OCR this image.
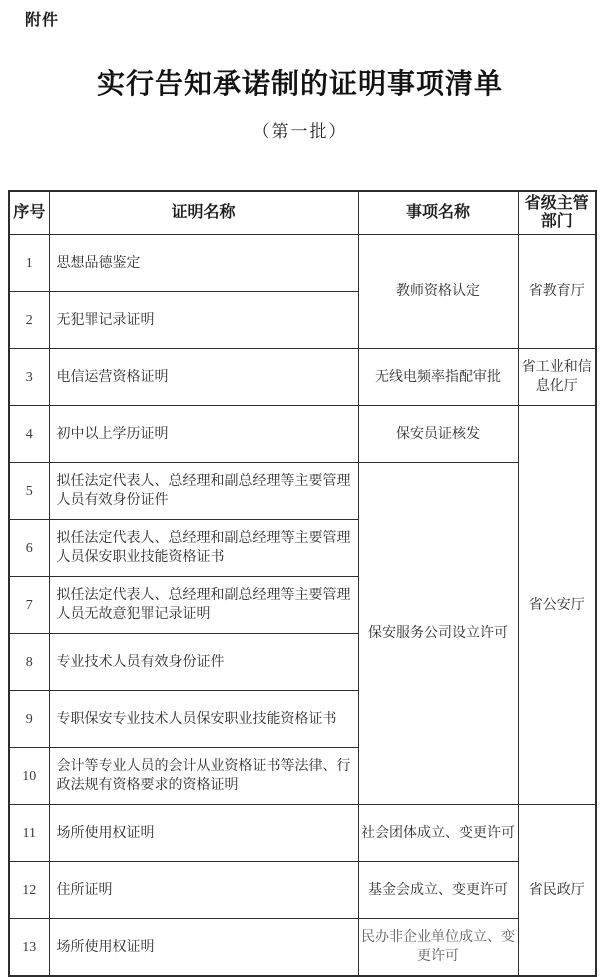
附件
实行告知承诺制的证明事项清单
（第一批）
序号	证明名称	事项名称	省级主管部门
1	思想品德鉴定	教师资格认定	省教育厅
2	无犯罪记录证明		
3	电信运营资格证明	无线电频率指配审批	省工业和信息化厅
4	初中以上学历证明	保安员证核发	省公安厅
5	拟任法定代表人、总经理和副总经理等主要管理人员有效身份证件	保安服务公司设立许可	
6	拟任法定代表人、总经理和副总经理等主要管理人员保安职业技能资格证书		
7	拟任法定代表人、总经理和副总经理等主要管理人员无故意犯罪记录证明		
8	专业技术人员有效身份证件		
9	专职保安专业技术人员保安职业技能资格证书		
10	会计等专业人员的会计从业资格证书等法律、行政法规有资格要求的资格证明		
11	场所使用权证明	社会团体成立、变更许可	省民政厅
12	住所证明	基金会成立、变更许可	
13	场所使用权证明	民办非企业单位成立、变更许可	
